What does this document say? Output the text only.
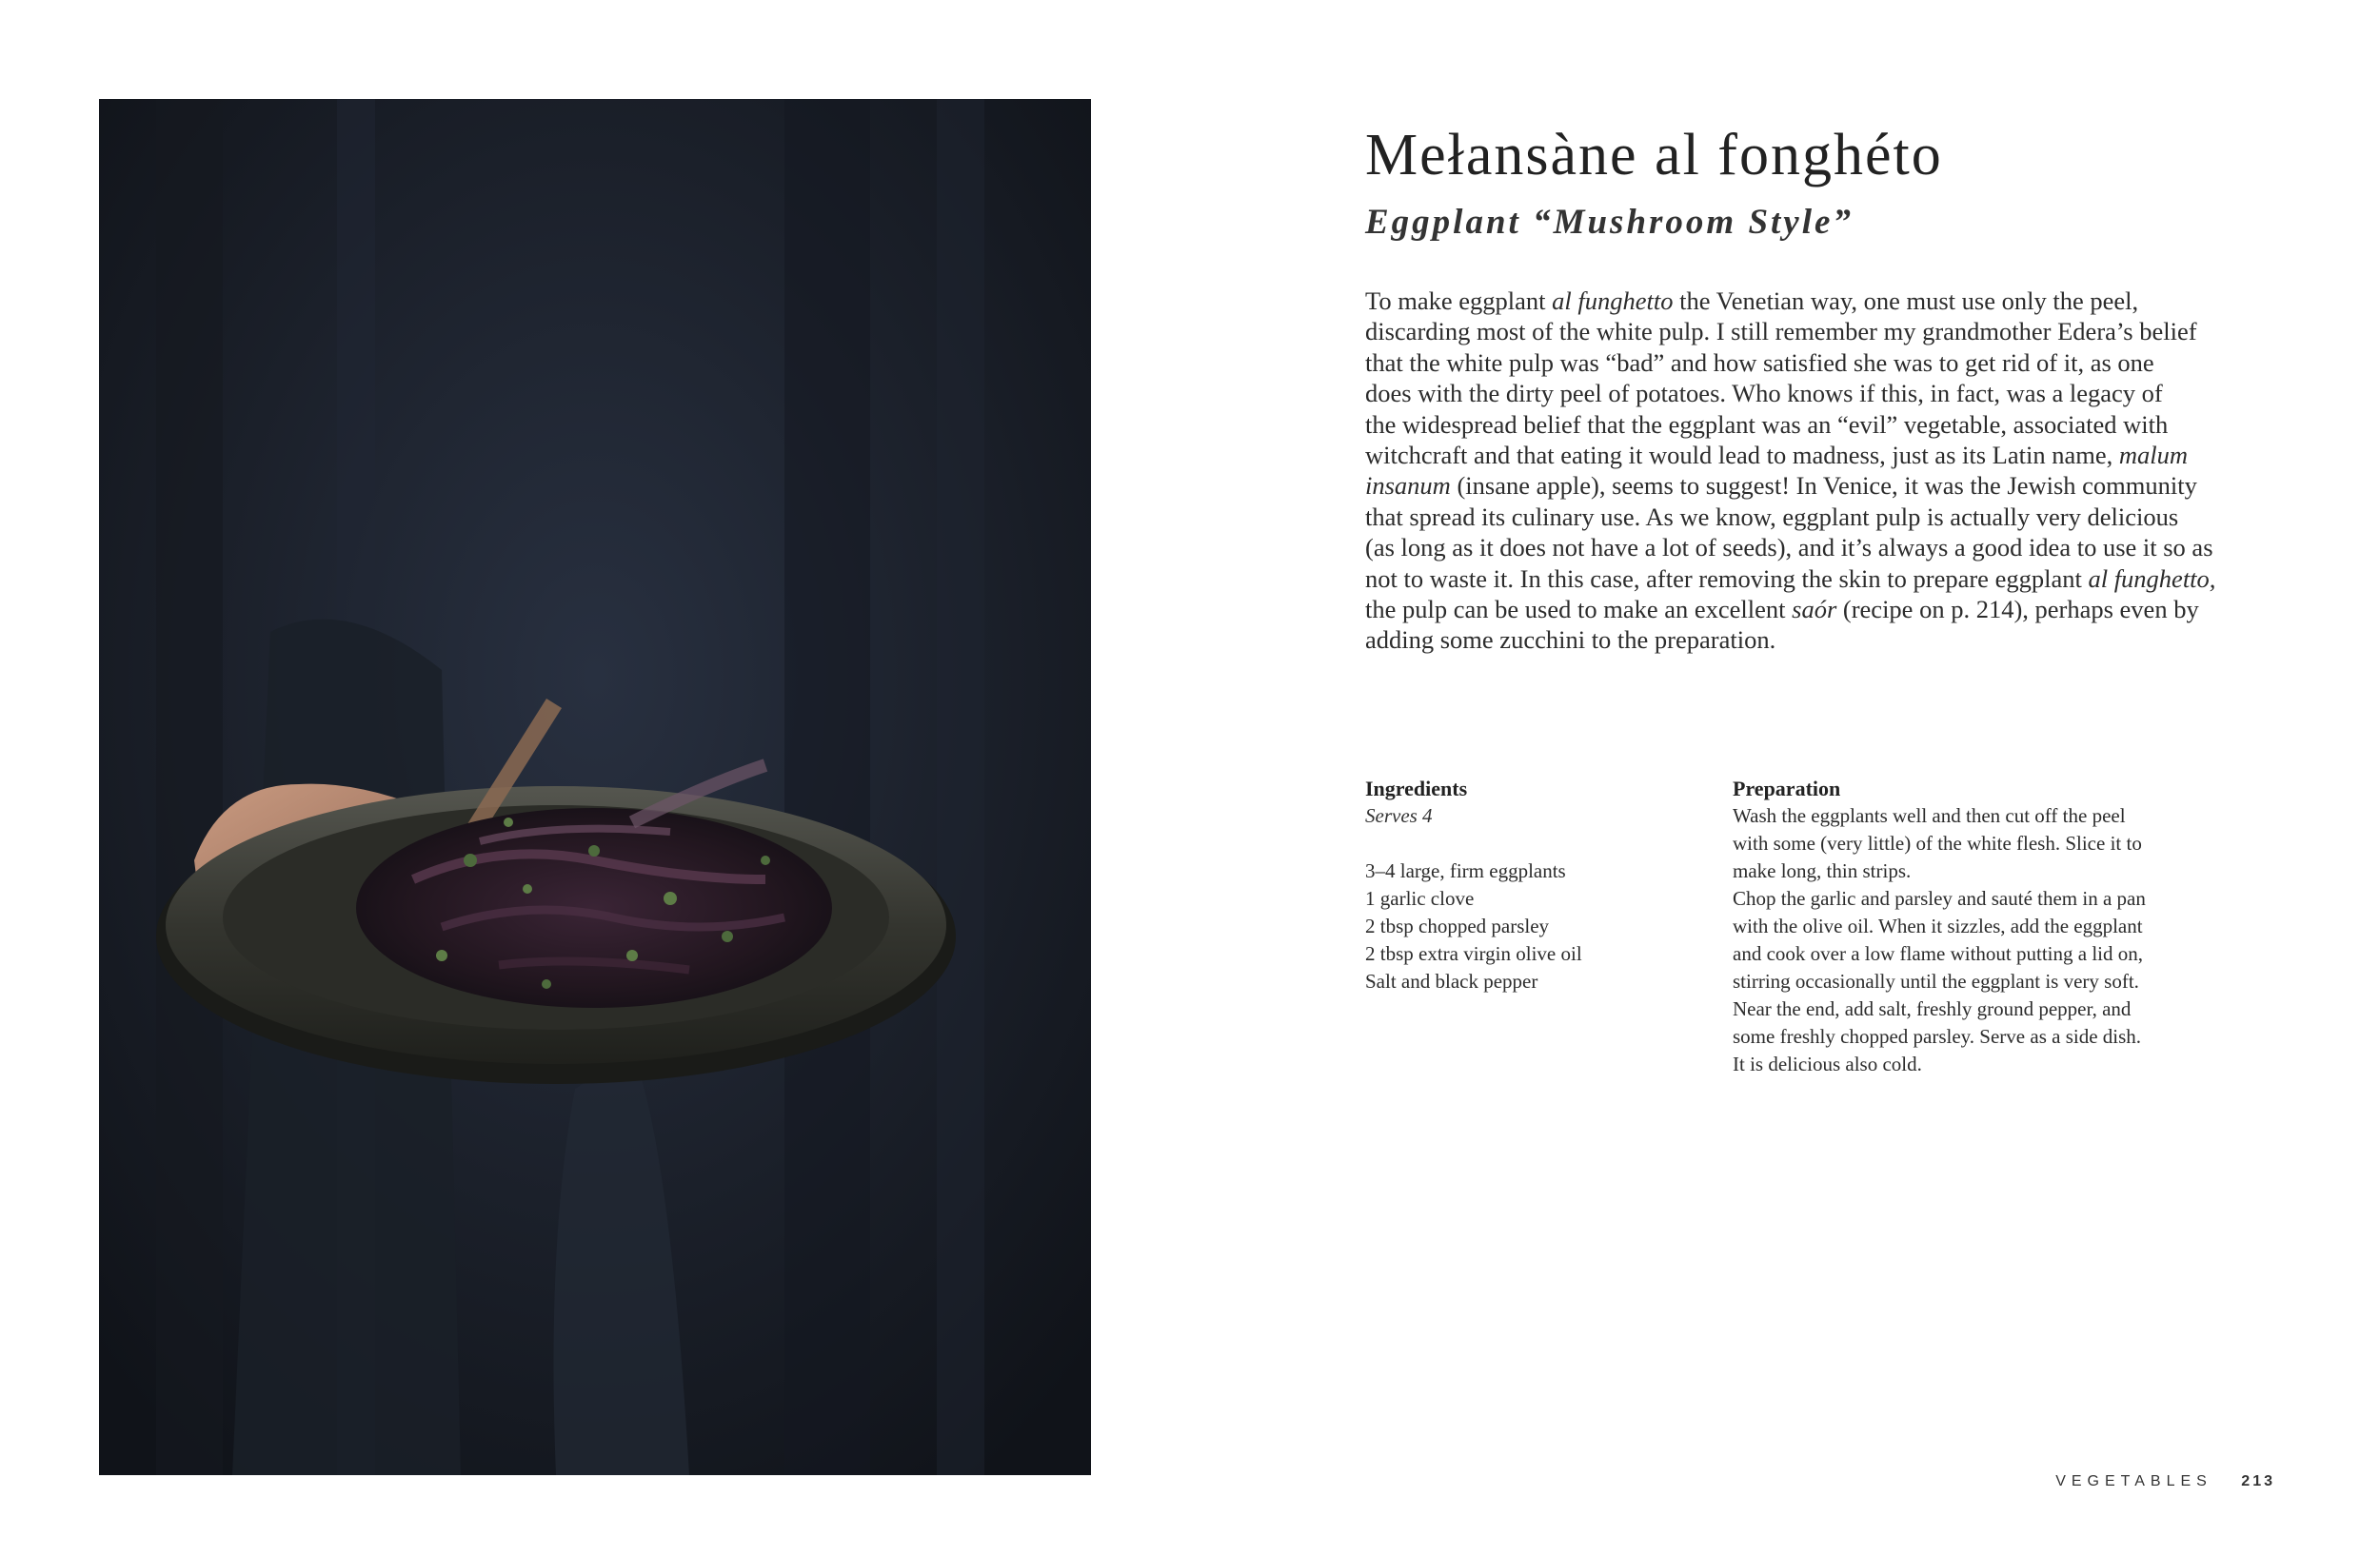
Mełansàne al fonghéto
Eggplant “Mushroom Style”

To make eggplant al funghetto the Venetian way, one must use only the peel,
discarding most of the white pulp. I still remember my grandmother Edera’s belief
that the white pulp was “bad” and how satisfied she was to get rid of it, as one
does with the dirty peel of potatoes. Who knows if this, in fact, was a legacy of
the widespread belief that the eggplant was an “evil” vegetable, associated with
witchcraft and that eating it would lead to madness, just as its Latin name, malum
insanum (insane apple), seems to suggest! In Venice, it was the Jewish community
that spread its culinary use. As we know, eggplant pulp is actually very delicious
(as long as it does not have a lot of seeds), and it’s always a good idea to use it so as
not to waste it. In this case, after removing the skin to prepare eggplant al funghetto,
the pulp can be used to make an excellent saór (recipe on p. 214), perhaps even by
adding some zucchini to the preparation.

Ingredients
Serves 4
3–4 large, firm eggplants
1 garlic clove
2 tbsp chopped parsley
2 tbsp extra virgin olive oil
Salt and black pepper
Preparation
Wash the eggplants well and then cut off the peel
with some (very little) of the white flesh. Slice it to
make long, thin strips.
Chop the garlic and parsley and sauté them in a pan
with the olive oil. When it sizzles, add the eggplant
and cook over a low flame without putting a lid on,
stirring occasionally until the eggplant is very soft.
Near the end, add salt, freshly ground pepper, and
some freshly chopped parsley. Serve as a side dish.
It is delicious also cold.
VEGETABLES 213
